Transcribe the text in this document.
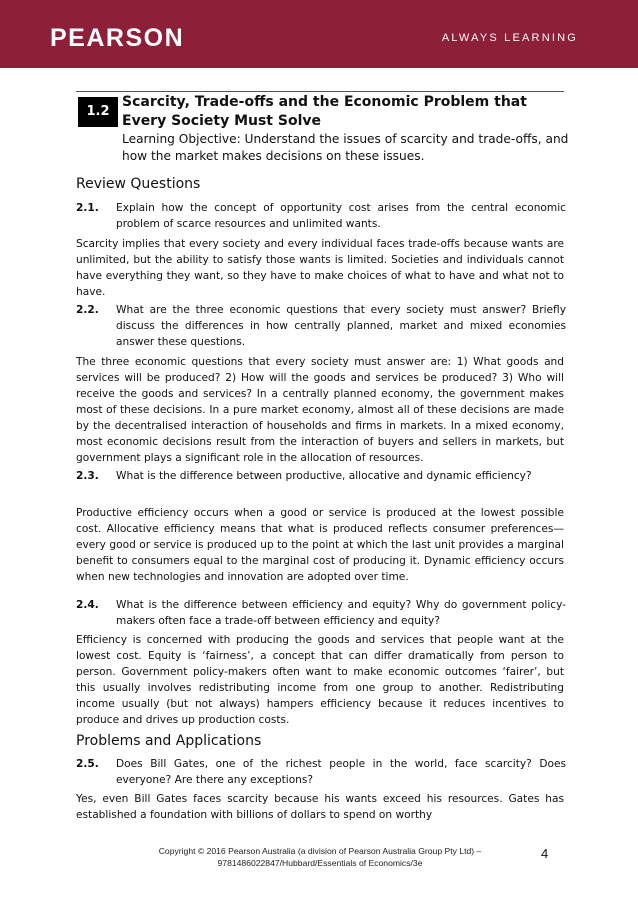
PEARSON	ALWAYS LEARNING
1.2
Scarcity, Trade-offs and the Economic Problem that Every Society Must Solve
Learning Objective: Understand the issues of scarcity and trade-offs, and how the market makes decisions on these issues.
Review Questions
2.1.	Explain how the concept of opportunity cost arises from the central economic problem of scarce resources and unlimited wants.
Scarcity implies that every society and every individual faces trade-offs because wants are unlimited, but the ability to satisfy those wants is limited. Societies and individuals cannot have everything they want, so they have to make choices of what to have and what not to have.
2.2.	What are the three economic questions that every society must answer? Briefly discuss the differences in how centrally planned, market and mixed economies answer these questions.
The three economic questions that every society must answer are: 1) What goods and services will be produced? 2) How will the goods and services be produced? 3) Who will receive the goods and services? In a centrally planned economy, the government makes most of these decisions. In a pure market economy, almost all of these decisions are made by the decentralised interaction of households and firms in markets. In a mixed economy, most economic decisions result from the interaction of buyers and sellers in markets, but government plays a significant role in the allocation of resources.
2.3.	What is the difference between productive, allocative and dynamic efficiency?
Productive efficiency occurs when a good or service is produced at the lowest possible cost. Allocative efficiency means that what is produced reflects consumer preferences—every good or service is produced up to the point at which the last unit provides a marginal benefit to consumers equal to the marginal cost of producing it. Dynamic efficiency occurs when new technologies and innovation are adopted over time.
2.4.	What is the difference between efficiency and equity? Why do government policy-makers often face a trade-off between efficiency and equity?
Efficiency is concerned with producing the goods and services that people want at the lowest cost. Equity is ‘fairness’, a concept that can differ dramatically from person to person. Government policy-makers often want to make economic outcomes ‘fairer’, but this usually involves redistributing income from one group to another. Redistributing income usually (but not always) hampers efficiency because it reduces incentives to produce and drives up production costs.
Problems and Applications
2.5.	Does Bill Gates, one of the richest people in the world, face scarcity? Does everyone? Are there any exceptions?
Yes, even Bill Gates faces scarcity because his wants exceed his resources. Gates has established a foundation with billions of dollars to spend on worthy
Copyright © 2016 Pearson Australia (a division of Pearson Australia Group Pty Ltd) –
9781486022847/Hubbard/Essentials of Economics/3e
4
